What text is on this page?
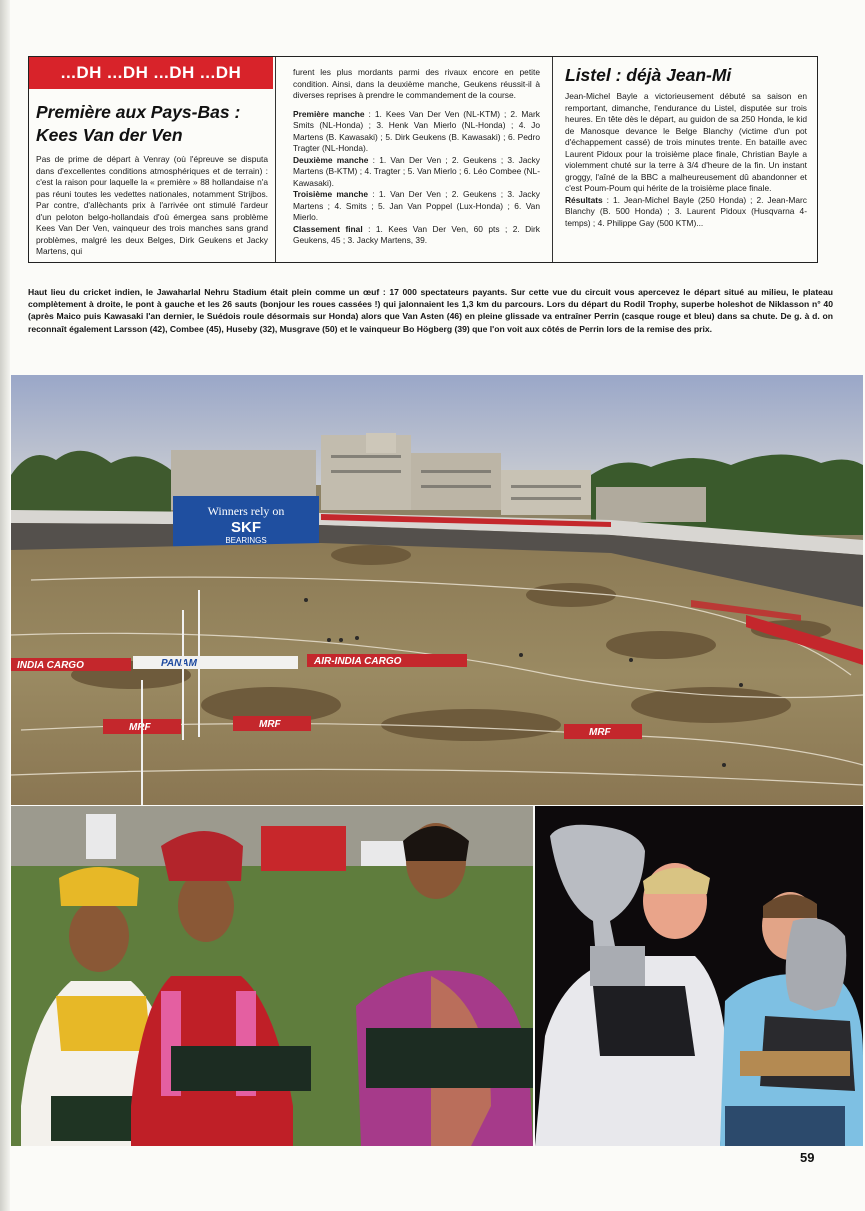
...DH ...DH ...DH ...DH
Première aux Pays-Bas : Kees Van der Ven

Pas de prime de départ à Venray (où l'épreuve se disputa dans d'excellentes conditions atmosphériques et de terrain) : c'est la raison pour laquelle la « première » 88 hollandaise n'a pas réuni toutes les vedettes nationales, notamment Strijbos. Par contre, d'allèchants prix à l'arrivée ont stimulé l'ardeur d'un peloton belgo-hollandais d'où émergea sans problème Kees Van Der Ven, vainqueur des trois manches sans grand problèmes, malgré les deux Belges, Dirk Geukens et Jacky Martens, qui

furent les plus mordants parmi des rivaux encore en petite condition. Ainsi, dans la deuxième manche, Geukens réussit-il à diverses reprises à prendre le commandement de la course.

Première manche : 1. Kees Van Der Ven (NL-KTM) ; 2. Mark Smits (NL-Honda) ; 3. Henk Van Mierlo (NL-Honda) ; 4. Jo Martens (B. Kawasaki) ; 5. Dirk Geukens (B. Kawasaki) ; 6. Pedro Tragter (NL-Honda).
Deuxième manche : 1. Van Der Ven ; 2. Geukens ; 3. Jacky Martens (B-KTM) ; 4. Tragter ; 5. Van Mierlo ; 6. Léo Combee (NL-Kawasaki).
Troisième manche : 1. Van Der Ven ; 2. Geukens ; 3. Jacky Martens ; 4. Smits ; 5. Jan Van Poppel (Lux-Honda) ; 6. Van Mierlo.
Classement final : 1. Kees Van Der Ven, 60 pts ; 2. Dirk Geukens, 45 ; 3. Jacky Martens, 39.

Listel : déjà Jean-Mi

Jean-Michel Bayle a victorieusement débuté sa saison en remportant, dimanche, l'endurance du Listel, disputée sur trois heures. En tête dès le départ, au guidon de sa 250 Honda, le kid de Manosque devance le Belge Blanchy (victime d'un pot d'échappement cassé) de trois minutes trente. En bataille avec Laurent Pidoux pour la troisième place finale, Christian Bayle a violemment chuté sur la terre à 3/4 d'heure de la fin. Un instant groggy, l'aîné de la BBC a malheureusement dû abandonner et c'est Poum-Poum qui hérite de la troisième place finale.
Résultats : 1. Jean-Michel Bayle (250 Honda) ; 2. Jean-Marc Blanchy (B. 500 Honda) ; 3. Laurent Pidoux (Husqvarna 4-temps) ; 4. Philippe Gay (500 KTM)...

Haut lieu du cricket indien, le Jawaharlal Nehru Stadium était plein comme un œuf : 17 000 spectateurs payants. Sur cette vue du circuit vous apercevez le départ situé au milieu, le plateau complètement à droite, le pont à gauche et les 26 sauts (bonjour les roues cassées !) qui jalonnaient les 1,3 km du parcours. Lors du départ du Rodil Trophy, superbe holeshot de Niklasson n° 40 (après Maico puis Kawasaki l'an dernier, le Suédois roule désormais sur Honda) alors que Van Asten (46) en pleine glissade va entraîner Perrin (casque rouge et bleu) dans sa chute. De g. à d. on reconnaît également Larsson (42), Combee (45), Huseby (32), Musgrave (50) et le vainqueur Bo Högberg (39) que l'on voit aux côtés de Perrin lors de la remise des prix.

Winners rely on
SKF
BEARINGS
PANAM
INDIA CARGO	AIR-INDIA CARGO
MRF	MRF
MRF
59
